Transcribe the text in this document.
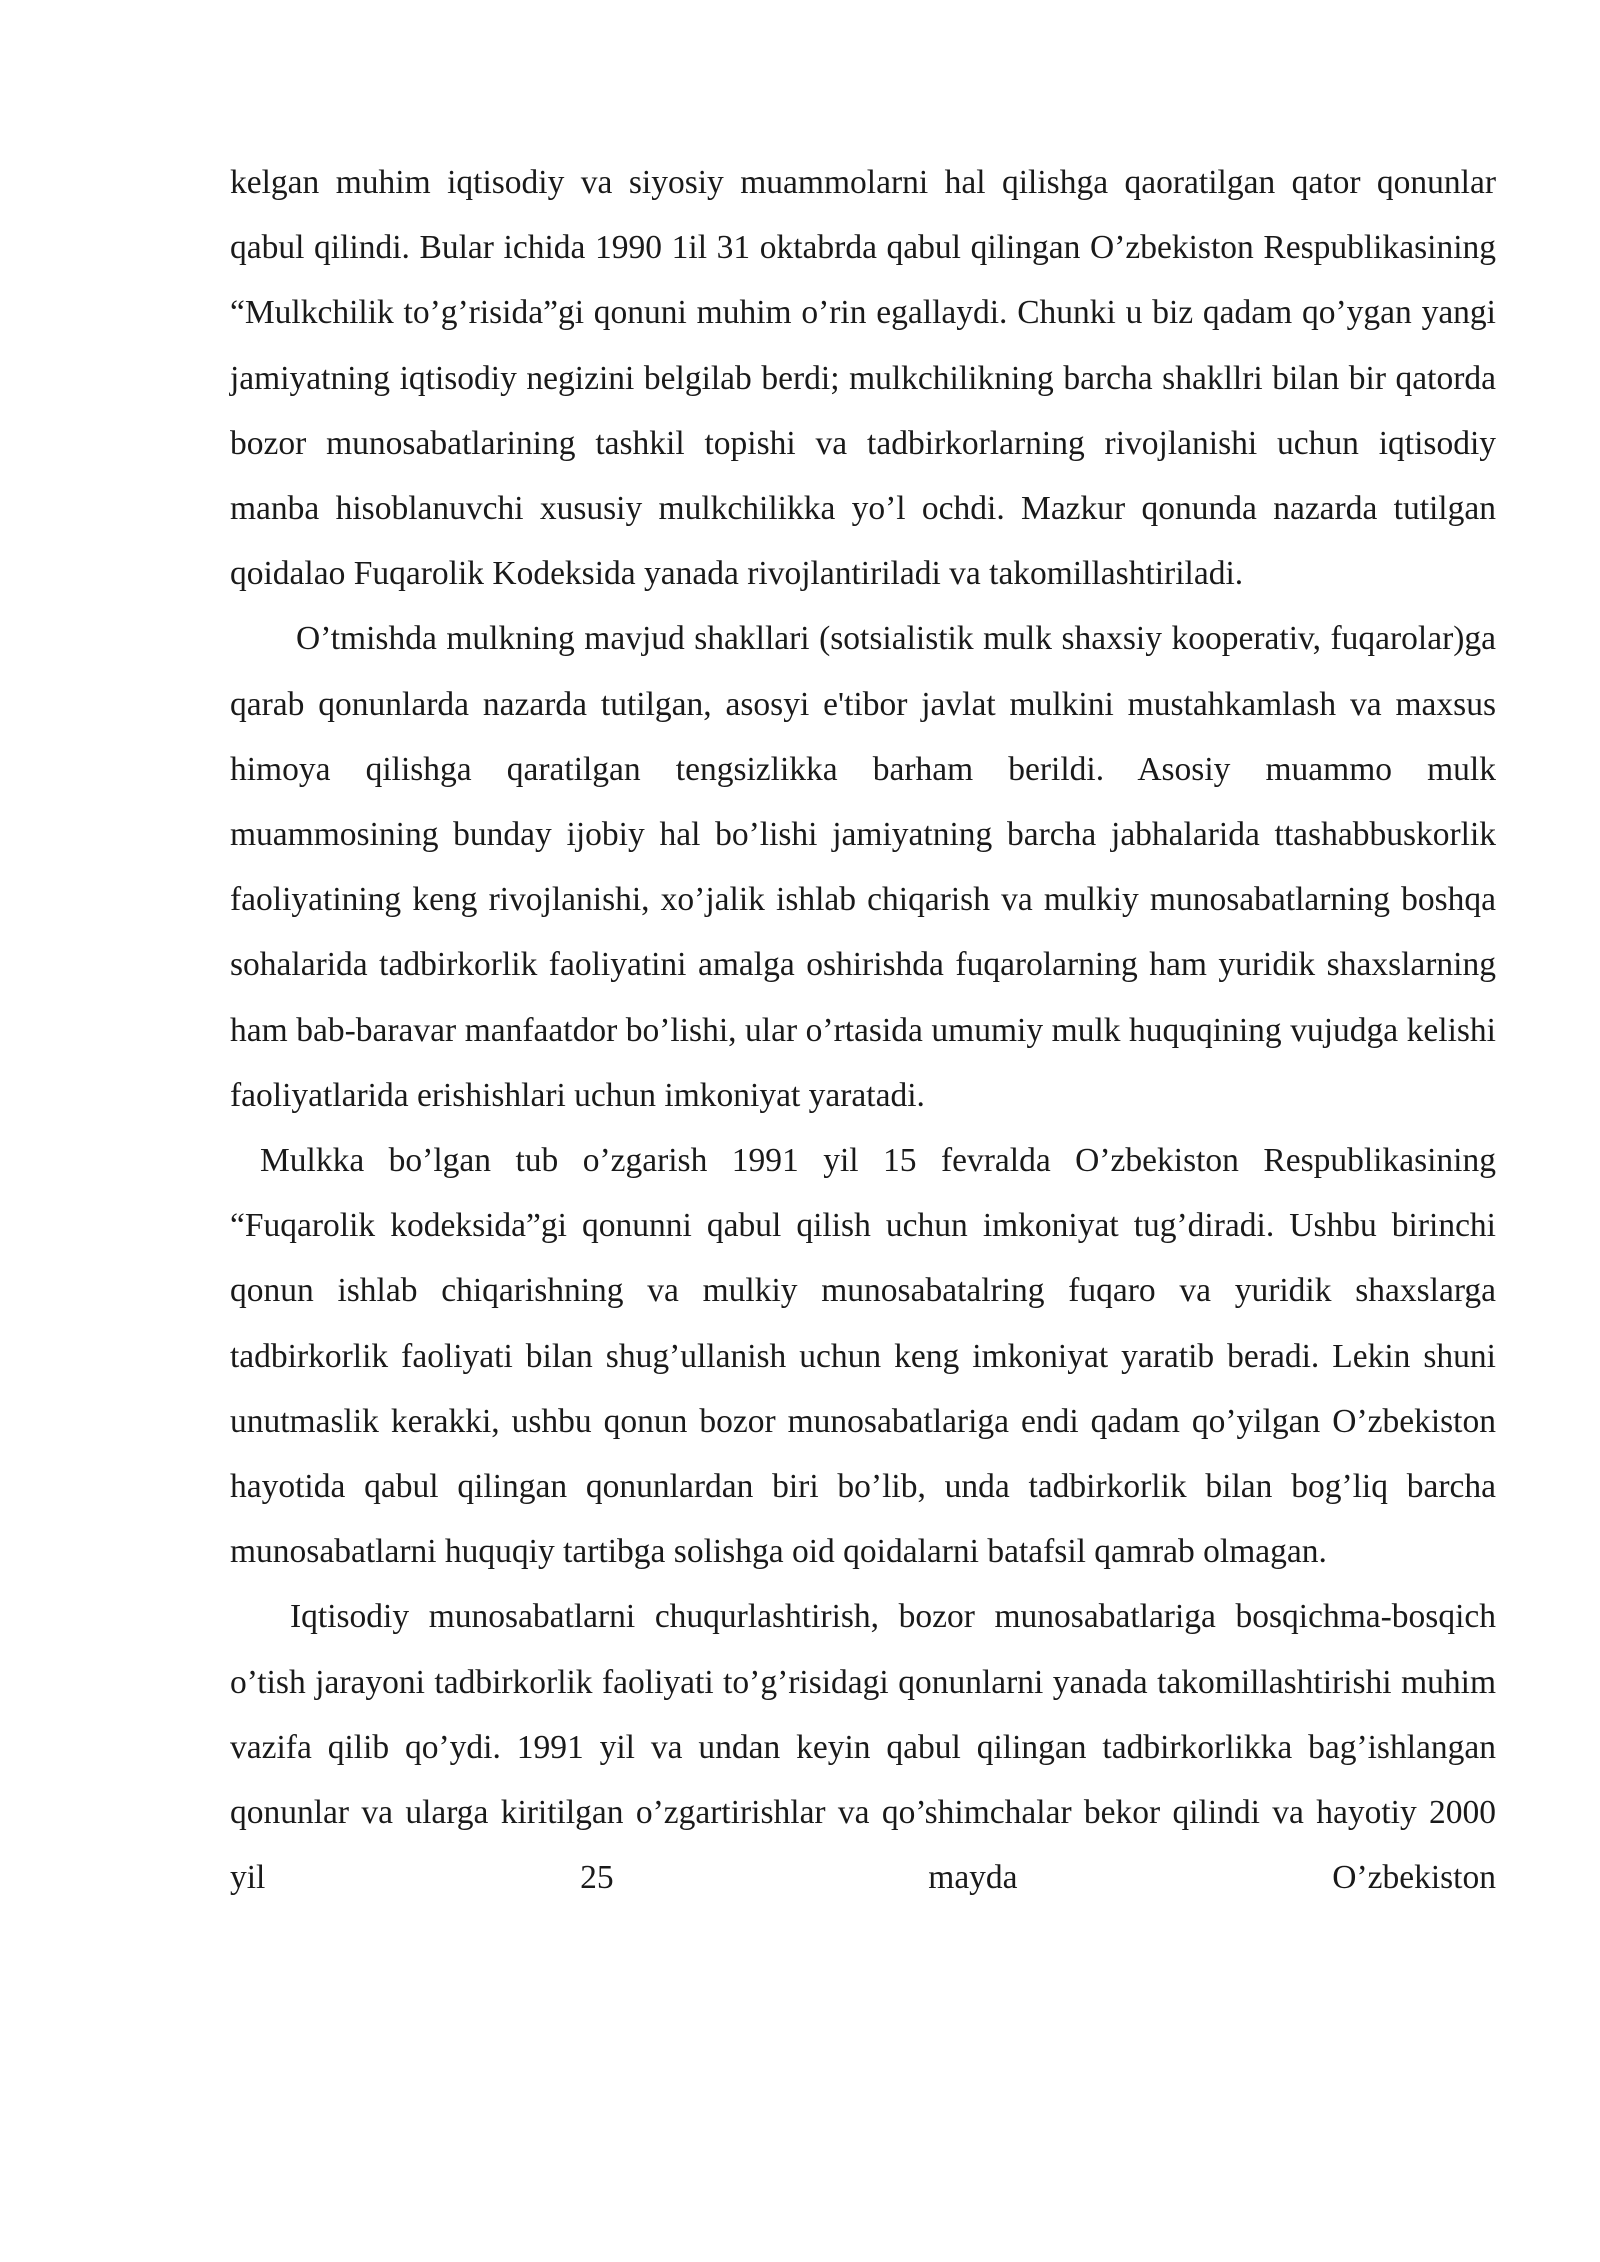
kelgan muhim iqtisodiy va siyosiy muammolarni hal qilishga qaoratilgan qator qonunlar qabul qilindi. Bular ichida 1990 1il 31 oktabrda qabul qilingan O’zbekiston Respublikasining “Mulkchilik to’g’risida”gi qonuni muhim o’rin egallaydi. Chunki u biz qadam qo’ygan yangi jamiyatning iqtisodiy negizini belgilab berdi; mulkchilikning barcha shakllri bilan bir qatorda bozor munosabatlarining tashkil topishi va tadbirkorlarning rivojlanishi uchun iqtisodiy manba hisoblanuvchi xususiy mulkchilikka yo’l ochdi. Mazkur qonunda nazarda tutilgan qoidalao Fuqarolik Kodeksida yanada rivojlantiriladi va takomillashtiriladi.

O’tmishda mulkning mavjud shakllari (sotsialistik mulk shaxsiy kooperativ, fuqarolar)ga qarab qonunlarda nazarda tutilgan, asosyi e'tibor javlat mulkini mustahkamlash va maxsus himoya qilishga qaratilgan tengsizlikka barham berildi. Asosiy muammo mulk muammosining bunday ijobiy hal bo’lishi jamiyatning barcha jabhalarida ttashabbuskorlik faoliyatining keng rivojlanishi, xo’jalik ishlab chiqarish va mulkiy munosabatlarning boshqa sohalarida tadbirkorlik faoliyatini amalga oshirishda fuqarolarning ham yuridik shaxslarning ham bab-baravar manfaatdor bo’lishi, ular o’rtasida umumiy mulk huquqining vujudga kelishi faoliyatlarida erishishlari uchun imkoniyat yaratadi.

Mulkka bo’lgan tub o’zgarish 1991 yil 15 fevralda O’zbekiston Respublikasining “Fuqarolik kodeksida”gi qonunni qabul qilish uchun imkoniyat tug’diradi. Ushbu birinchi qonun ishlab chiqarishning va mulkiy munosabatalring fuqaro va yuridik shaxslarga tadbirkorlik faoliyati bilan shug’ullanish uchun keng imkoniyat yaratib beradi. Lekin shuni unutmaslik kerakki, ushbu qonun bozor munosabatlariga endi qadam qo’yilgan O’zbekiston hayotida qabul qilingan qonunlardan biri bo’lib, unda tadbirkorlik bilan bog’liq barcha munosabatlarni huquqiy tartibga solishga oid qoidalarni batafsil qamrab olmagan.

Iqtisodiy munosabatlarni chuqurlashtirish, bozor munosabatlariga bosqichma-bosqich o’tish jarayoni tadbirkorlik faoliyati to’g’risidagi qonunlarni yanada takomillashtirishi muhim vazifa qilib qo’ydi. 1991 yil va undan keyin qabul qilingan tadbirkorlikka bag’ishlangan qonunlar va ularga kiritilgan o’zgartirishlar va qo’shimchalar bekor qilindi va hayotiy 2000 yil 25 mayda O’zbekiston
